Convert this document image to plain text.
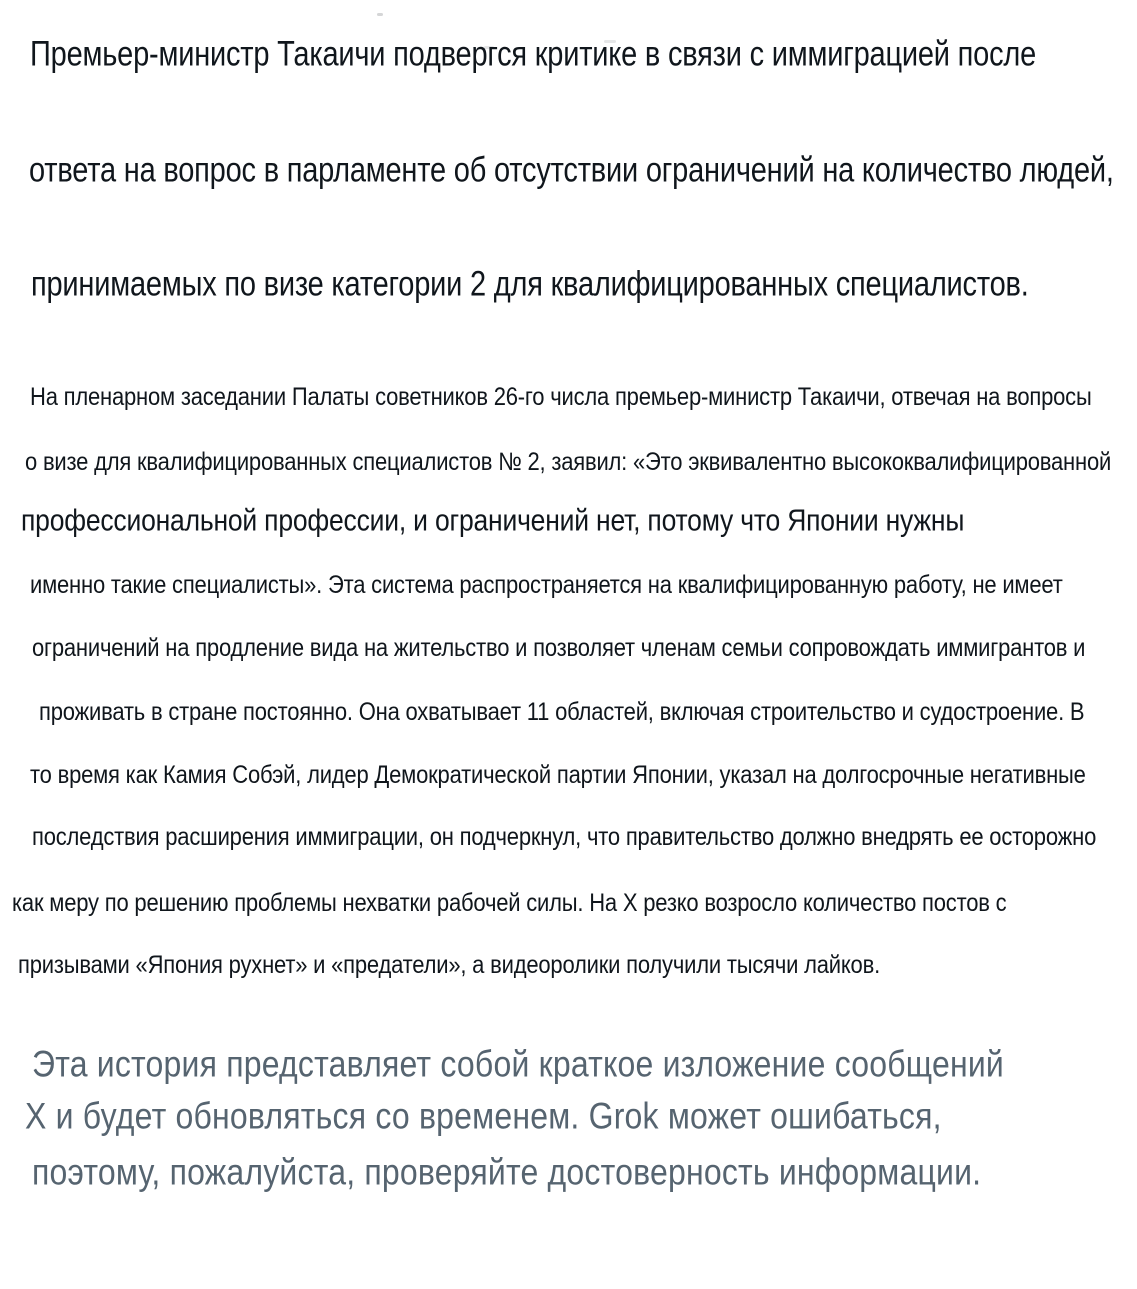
Премьер-министр Такаичи подвергся критике в связи с иммиграцией после
ответа на вопрос в парламенте об отсутствии ограничений на количество людей,
принимаемых по визе категории 2 для квалифицированных специалистов.
На пленарном заседании Палаты советников 26-го числа премьер-министр Такаичи, отвечая на вопросы
о визе для квалифицированных специалистов № 2, заявил: «Это эквивалентно высококвалифицированной
профессиональной профессии, и ограничений нет, потому что Японии нужны
именно такие специалисты». Эта система распространяется на квалифицированную работу, не имеет
ограничений на продление вида на жительство и позволяет членам семьи сопровождать иммигрантов и
проживать в стране постоянно. Она охватывает 11 областей, включая строительство и судостроение. В
то время как Камия Собэй, лидер Демократической партии Японии, указал на долгосрочные негативные
последствия расширения иммиграции, он подчеркнул, что правительство должно внедрять ее осторожно
как меру по решению проблемы нехватки рабочей силы. На X резко возросло количество постов с
призывами «Япония рухнет» и «предатели», а видеоролики получили тысячи лайков.
Эта история представляет собой краткое изложение сообщений
X и будет обновляться со временем. Grok может ошибаться,
поэтому, пожалуйста, проверяйте достоверность информации.
